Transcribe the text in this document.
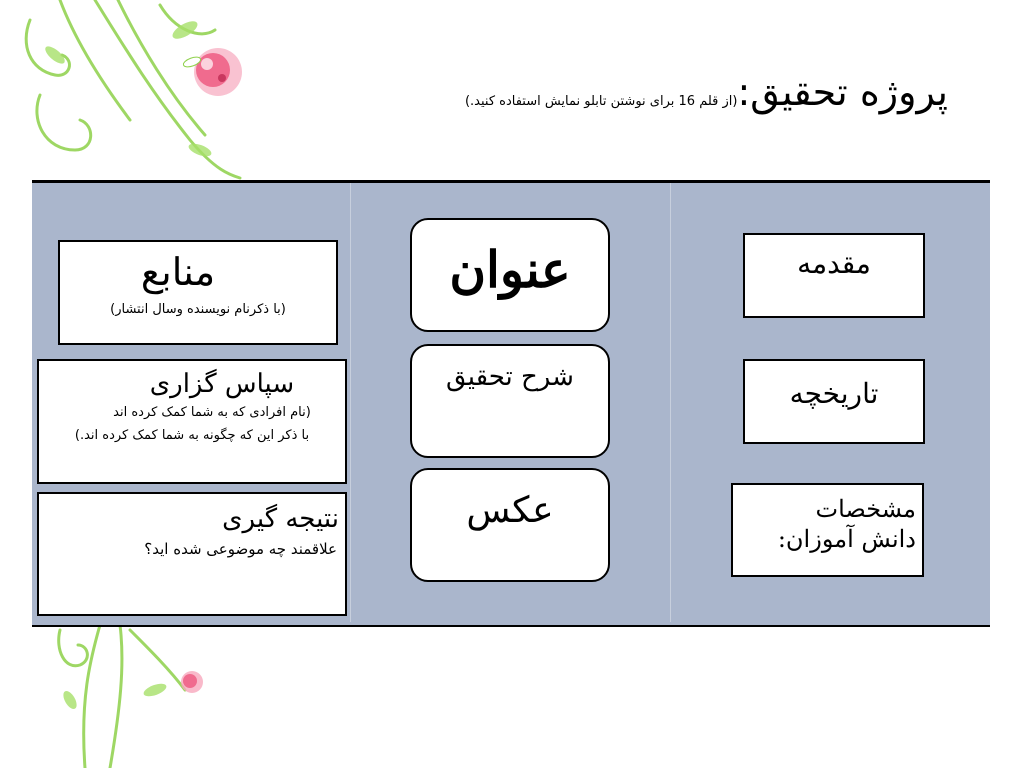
پروژه تحقیق:
(از قلم 16 برای نوشتن تابلو نمایش استفاده کنید.)
منابع
(با ذکرنام نویسنده وسال انتشار)
سپاس گزاری
(نام افرادی که به شما کمک کرده اند
با ذکر این که چگونه به شما کمک کرده اند.)
نتیجه گیری
علاقمند چه موضوعی شده اید؟
عنوان
شرح تحقیق
عکس
مقدمه
تاریخچه
مشخصات
دانش آموزان:
